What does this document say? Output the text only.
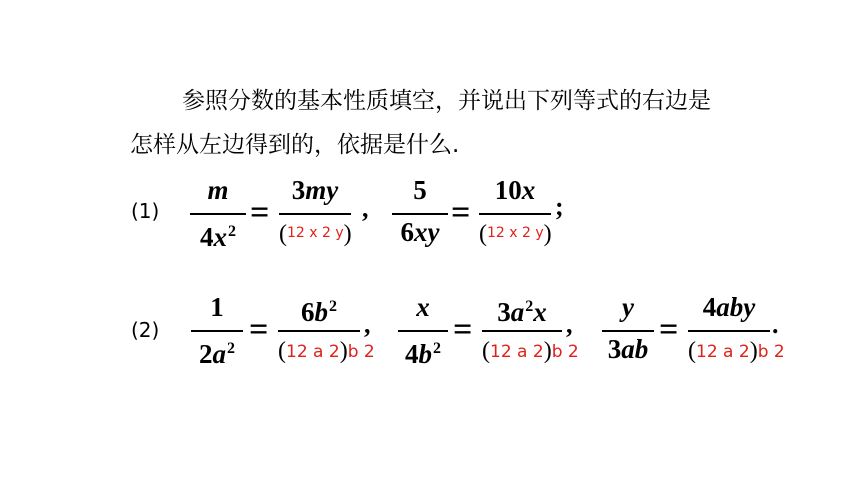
参照分数的基本性质填空，并说出下列等式的右边是
怎样从左边得到的，依据是什么.
(1)
m
$4x^2$
=
3my
(12 x 2 y)
,
5
6xy
=
10x
(12 x 2 y)
;
(2)
1
$2a^2$
=	$6b^2$
(12 a 2)b 2
,
x
$4b^2$
= $3a^2x$
(12 a 2)b 2
,
y
3ab
=
4aby
(12 a 2)b 2
.
